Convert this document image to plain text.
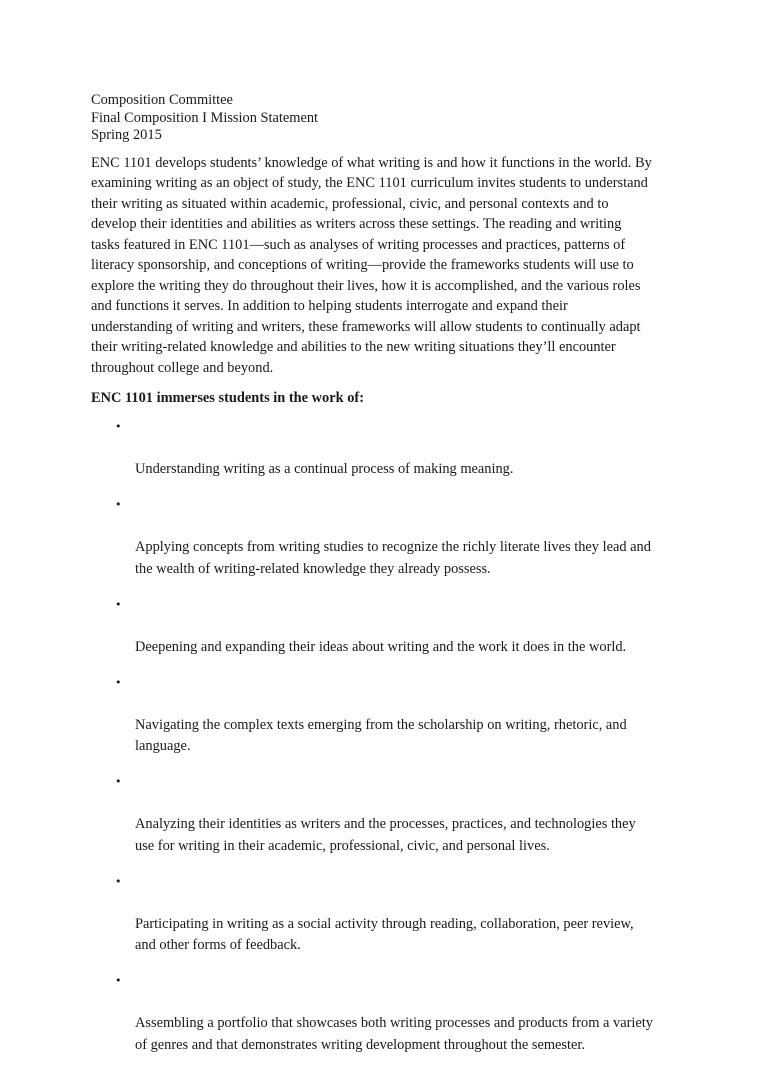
Composition Committee
Final Composition I Mission Statement
Spring 2015

ENC 1101 develops students’ knowledge of what writing is and how it functions in the world. By
examining writing as an object of study, the ENC 1101 curriculum invites students to understand
their writing as situated within academic, professional, civic, and personal contexts and to
develop their identities and abilities as writers across these settings. The reading and writing
tasks featured in ENC 1101—such as analyses of writing processes and practices, patterns of
literacy sponsorship, and conceptions of writing—provide the frameworks students will use to
explore the writing they do throughout their lives, how it is accomplished, and the various roles
and functions it serves. In addition to helping students interrogate and expand their
understanding of writing and writers, these frameworks will allow students to continually adapt
their writing-related knowledge and abilities to the new writing situations they’ll encounter
throughout college and beyond.

ENC 1101 immerses students in the work of:

•

Understanding writing as a continual process of making meaning.

•

Applying concepts from writing studies to recognize the richly literate lives they lead and
the wealth of writing-related knowledge they already possess.

•

Deepening and expanding their ideas about writing and the work it does in the world.

•

Navigating the complex texts emerging from the scholarship on writing, rhetoric, and
language.

•

Analyzing their identities as writers and the processes, practices, and technologies they
use for writing in their academic, professional, civic, and personal lives.

•

Participating in writing as a social activity through reading, collaboration, peer review,
and other forms of feedback.

•

Assembling a portfolio that showcases both writing processes and products from a variety
of genres and that demonstrates writing development throughout the semester.
